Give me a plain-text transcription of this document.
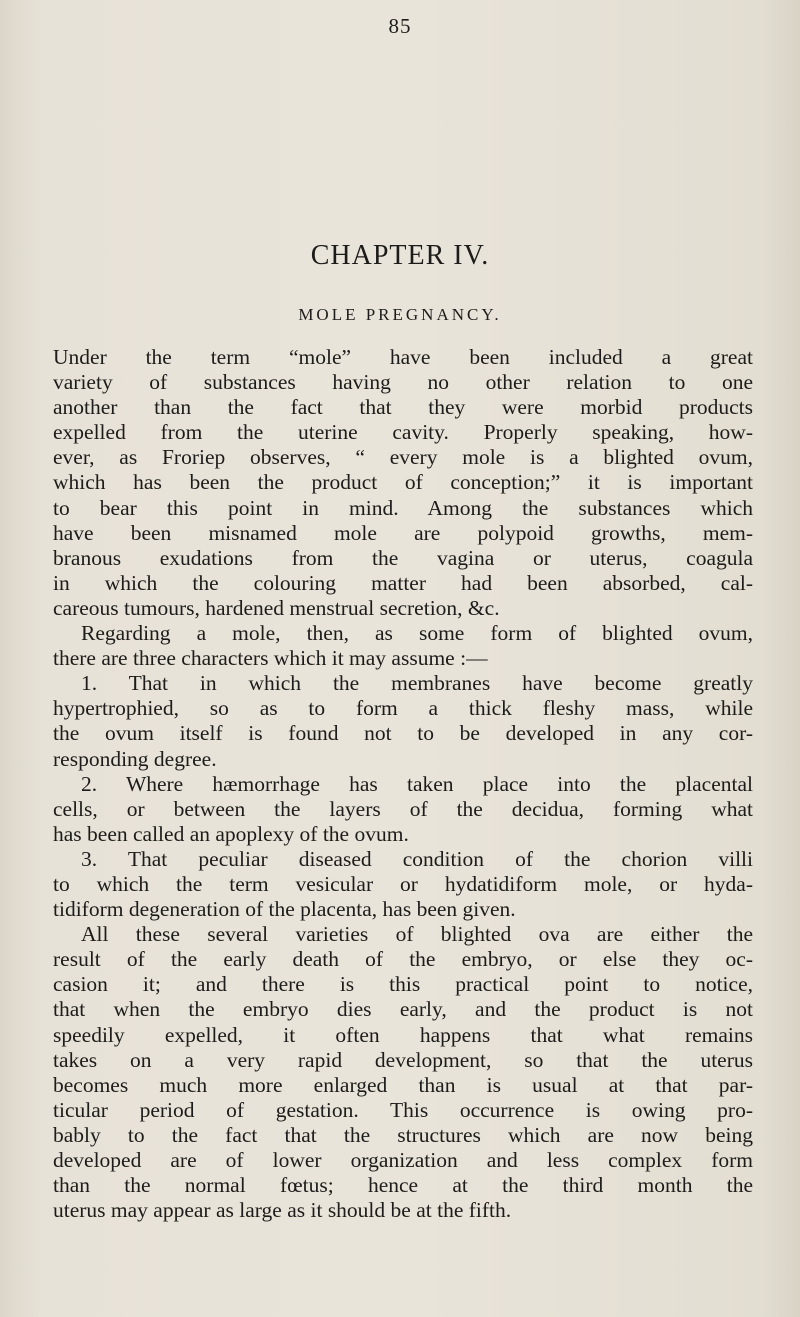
85
CHAPTER IV.
MOLE PREGNANCY.
Under the term “mole” have been included a great
variety of substances having no other relation to one
another than the fact that they were morbid products
expelled from the uterine cavity. Properly speaking, how-
ever, as Froriep observes, “ every mole is a blighted ovum,
which has been the product of conception;” it is important
to bear this point in mind. Among the substances which
have been misnamed mole are polypoid growths, mem-
branous exudations from the vagina or uterus, coagula
in which the colouring matter had been absorbed, cal-
careous tumours, hardened menstrual secretion, &c.
Regarding a mole, then, as some form of blighted ovum,
there are three characters which it may assume :—
1. That in which the membranes have become greatly
hypertrophied, so as to form a thick fleshy mass, while
the ovum itself is found not to be developed in any cor-
responding degree.
2. Where hæmorrhage has taken place into the placental
cells, or between the layers of the decidua, forming what
has been called an apoplexy of the ovum.
3. That peculiar diseased condition of the chorion villi
to which the term vesicular or hydatidiform mole, or hyda-
tidiform degeneration of the placenta, has been given.
All these several varieties of blighted ova are either the
result of the early death of the embryo, or else they oc-
casion it; and there is this practical point to notice,
that when the embryo dies early, and the product is not
speedily expelled, it often happens that what remains
takes on a very rapid development, so that the uterus
becomes much more enlarged than is usual at that par-
ticular period of gestation. This occurrence is owing pro-
bably to the fact that the structures which are now being
developed are of lower organization and less complex form
than the normal fœtus; hence at the third month the
uterus may appear as large as it should be at the fifth.
